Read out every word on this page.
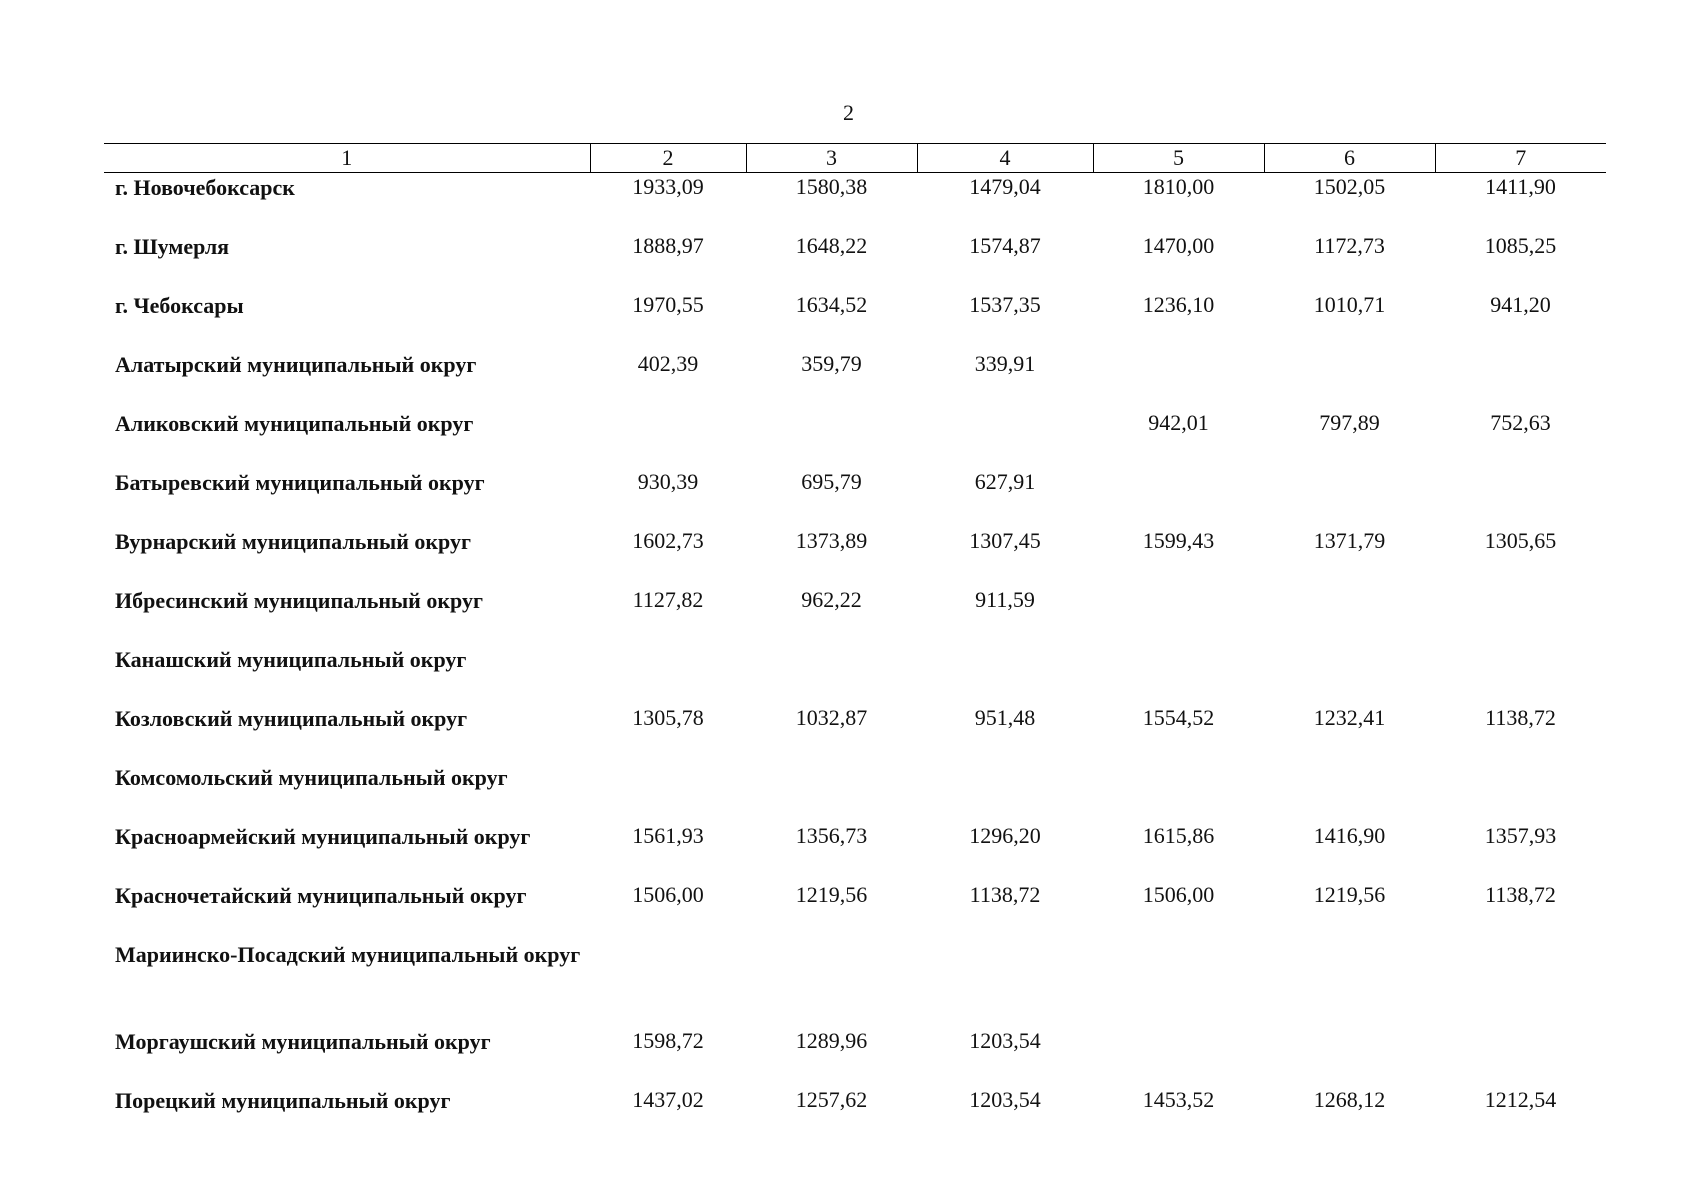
2
1	2	3	4	5	6	7
г. Новочебоксарск	1933,09	1580,38	1479,04	1810,00	1502,05	1411,90
г. Шумерля	1888,97	1648,22	1574,87	1470,00	1172,73	1085,25
г. Чебоксары	1970,55	1634,52	1537,35	1236,10	1010,71	941,20
Алатырский муниципальный округ	402,39	359,79	339,91			
Аликовский муниципальный округ				942,01	797,89	752,63
Батыревский муниципальный округ	930,39	695,79	627,91			
Вурнарский муниципальный округ	1602,73	1373,89	1307,45	1599,43	1371,79	1305,65
Ибресинский муниципальный округ	1127,82	962,22	911,59			
Канашский муниципальный округ						
Козловский муниципальный округ	1305,78	1032,87	951,48	1554,52	1232,41	1138,72
Комсомольский муниципальный округ						
Красноармейский муниципальный округ	1561,93	1356,73	1296,20	1615,86	1416,90	1357,93
Красночетайский муниципальный округ	1506,00	1219,56	1138,72	1506,00	1219,56	1138,72
Мариинско-Посадский муниципальный округ						
Моргаушский муниципальный округ	1598,72	1289,96	1203,54			
Порецкий муниципальный округ	1437,02	1257,62	1203,54	1453,52	1268,12	1212,54
